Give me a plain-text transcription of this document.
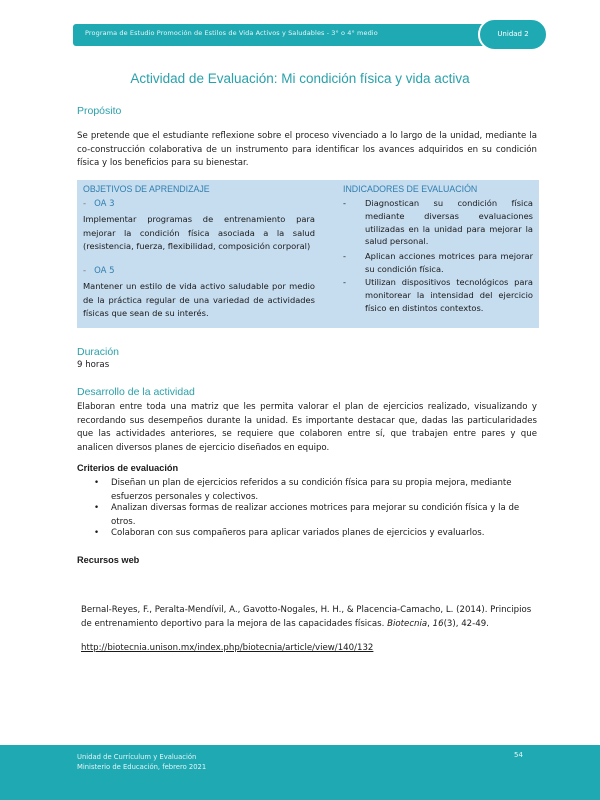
Programa de Estudio Promoción de Estilos de Vida Activos y Saludables - 3° o 4° medio	Unidad 2
Actividad de Evaluación: Mi condición física y vida activa
Propósito
Se pretende que el estudiante reflexione sobre el proceso vivenciado a lo largo de la unidad, mediante la co-construcción colaborativa de un instrumento para identificar los avances adquiridos en su condición física y los beneficios para su bienestar.
OBJETIVOS DE APRENDIZAJE	INDICADORES DE EVALUACIÓN
- OA 3
Implementar programas de entrenamiento para mejorar la condición física asociada a la salud (resistencia, fuerza, flexibilidad, composición corporal)
- OA 5
Mantener un estilo de vida activo saludable por medio de la práctica regular de una variedad de actividades físicas que sean de su interés.
- Diagnostican su condición física mediante diversas evaluaciones utilizadas en la unidad para mejorar la salud personal.
- Aplican acciones motrices para mejorar su condición física.
- Utilizan dispositivos tecnológicos para monitorear la intensidad del ejercicio físico en distintos contextos.
Duración
9 horas
Desarrollo de la actividad
Elaboran entre toda una matriz que les permita valorar el plan de ejercicios realizado, visualizando y recordando sus desempeños durante la unidad. Es importante destacar que, dadas las particularidades que las actividades anteriores, se requiere que colaboren entre sí, que trabajen entre pares y que analicen diversos planes de ejercicio diseñados en equipo.
Criterios de evaluación
• Diseñan un plan de ejercicios referidos a su condición física para su propia mejora, mediante esfuerzos personales y colectivos.
• Analizan diversas formas de realizar acciones motrices para mejorar su condición física y la de otros.
• Colaboran con sus compañeros para aplicar variados planes de ejercicios y evaluarlos.
Recursos web
Bernal-Reyes, F., Peralta-Mendívil, A., Gavotto-Nogales, H. H., & Placencia-Camacho, L. (2014). Principios de entrenamiento deportivo para la mejora de las capacidades físicas. Biotecnia, 16(3), 42-49.
http://biotecnia.unison.mx/index.php/biotecnia/article/view/140/132
Unidad de Currículum y Evaluación
Ministerio de Educación, febrero 2021
54
